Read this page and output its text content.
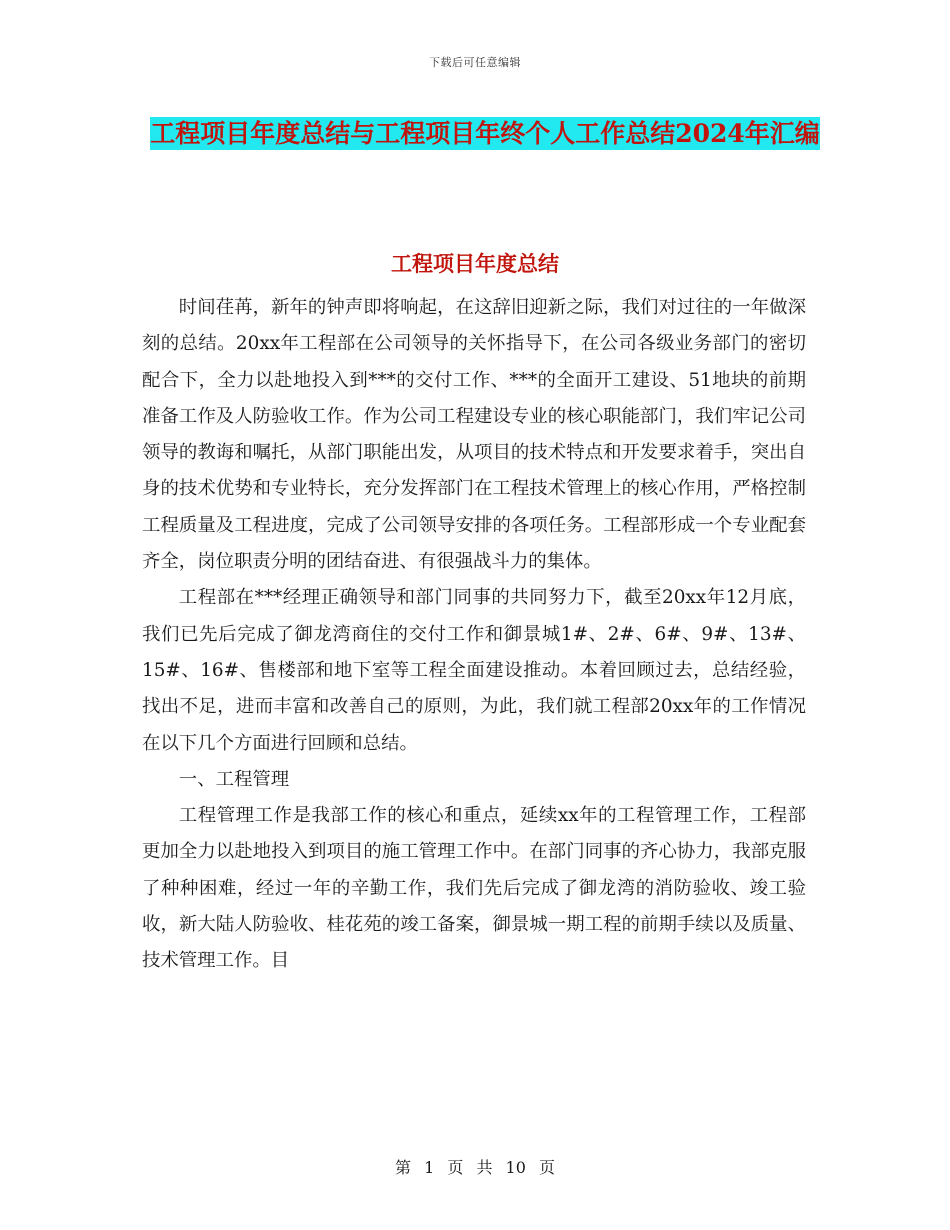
下载后可任意编辑
工程项目年度总结与工程项目年终个人工作总结2024年汇编
工程项目年度总结

时间荏苒，新年的钟声即将响起，在这辞旧迎新之际，我们对过往的一年做深刻的总结。20xx年工程部在公司领导的关怀指导下，在公司各级业务部门的密切配合下，全力以赴地投入到***的交付工作、***的全面开工建设、51地块的前期准备工作及人防验收工作。作为公司工程建设专业的核心职能部门，我们牢记公司领导的教诲和嘱托，从部门职能出发，从项目的技术特点和开发要求着手，突出自身的技术优势和专业特长，充分发挥部门在工程技术管理上的核心作用，严格控制工程质量及工程进度，完成了公司领导安排的各项任务。工程部形成一个专业配套齐全，岗位职责分明的团结奋进、有很强战斗力的集体。

工程部在***经理正确领导和部门同事的共同努力下，截至20xx年12月底，我们已先后完成了御龙湾商住的交付工作和御景城1#、2#、6#、9#、13#、15#、16#、售楼部和地下室等工程全面建设推动。本着回顾过去，总结经验，找出不足，进而丰富和改善自己的原则，为此，我们就工程部20xx年的工作情况在以下几个方面进行回顾和总结。

一、工程管理

工程管理工作是我部工作的核心和重点，延续xx年的工程管理工作，工程部更加全力以赴地投入到项目的施工管理工作中。在部门同事的齐心协力，我部克服了种种困难，经过一年的辛勤工作，我们先后完成了御龙湾的消防验收、竣工验收，新大陆人防验收、桂花苑的竣工备案，御景城一期工程的前期手续以及质量、技术管理工作。目

第 1 页 共 10 页
